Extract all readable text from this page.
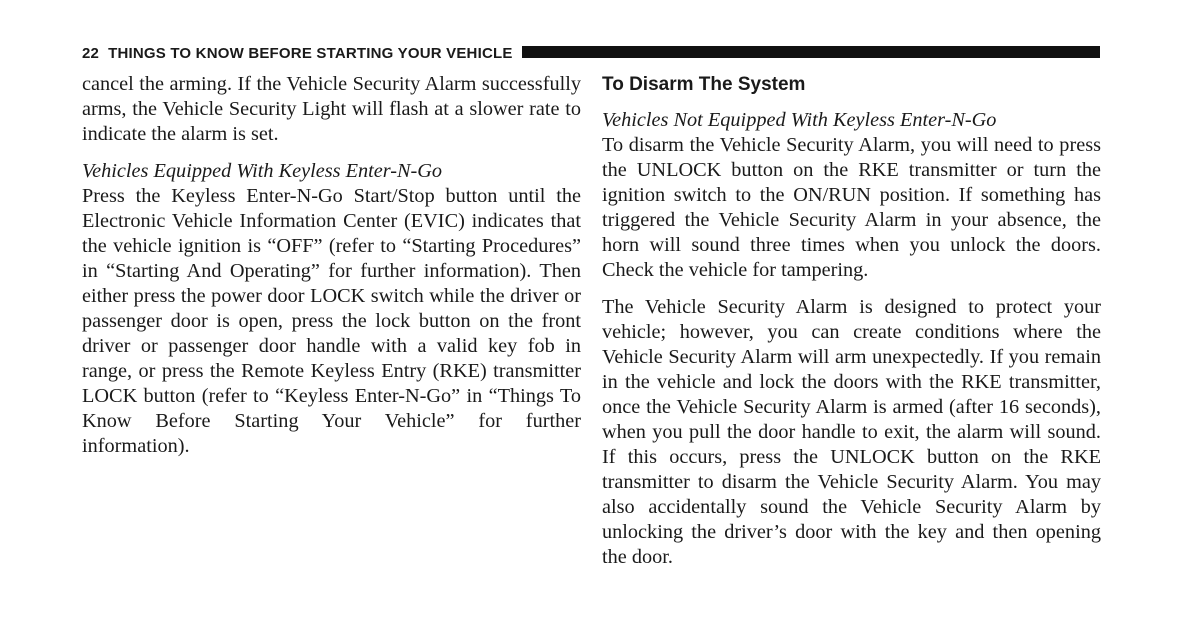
22 THINGS TO KNOW BEFORE STARTING YOUR VEHICLE

cancel the arming. If the Vehicle Security Alarm successfully arms, the Vehicle Security Light will flash at a slower rate to indicate the alarm is set.

Vehicles Equipped With Keyless Enter-N-Go
Press the Keyless Enter-N-Go Start/Stop button until the Electronic Vehicle Information Center (EVIC) indicates that the vehicle ignition is “OFF” (refer to “Starting Procedures” in “Starting And Operating” for further information). Then either press the power door LOCK switch while the driver or passenger door is open, press the lock button on the front driver or passenger door handle with a valid key fob in range, or press the Remote Keyless Entry (RKE) transmitter LOCK button (refer to “Keyless Enter-N-Go” in “Things To Know Before Starting Your Vehicle” for further information).

To Disarm The System

Vehicles Not Equipped With Keyless Enter-N-Go
To disarm the Vehicle Security Alarm, you will need to press the UNLOCK button on the RKE transmitter or turn the ignition switch to the ON/RUN position. If something has triggered the Vehicle Security Alarm in your absence, the horn will sound three times when you unlock the doors. Check the vehicle for tampering.

The Vehicle Security Alarm is designed to protect your vehicle; however, you can create conditions where the Vehicle Security Alarm will arm unexpectedly. If you remain in the vehicle and lock the doors with the RKE transmitter, once the Vehicle Security Alarm is armed (after 16 seconds), when you pull the door handle to exit, the alarm will sound. If this occurs, press the UNLOCK button on the RKE transmitter to disarm the Vehicle Security Alarm. You may also accidentally sound the Vehicle Security Alarm by unlocking the driver’s door with the key and then opening the door.
